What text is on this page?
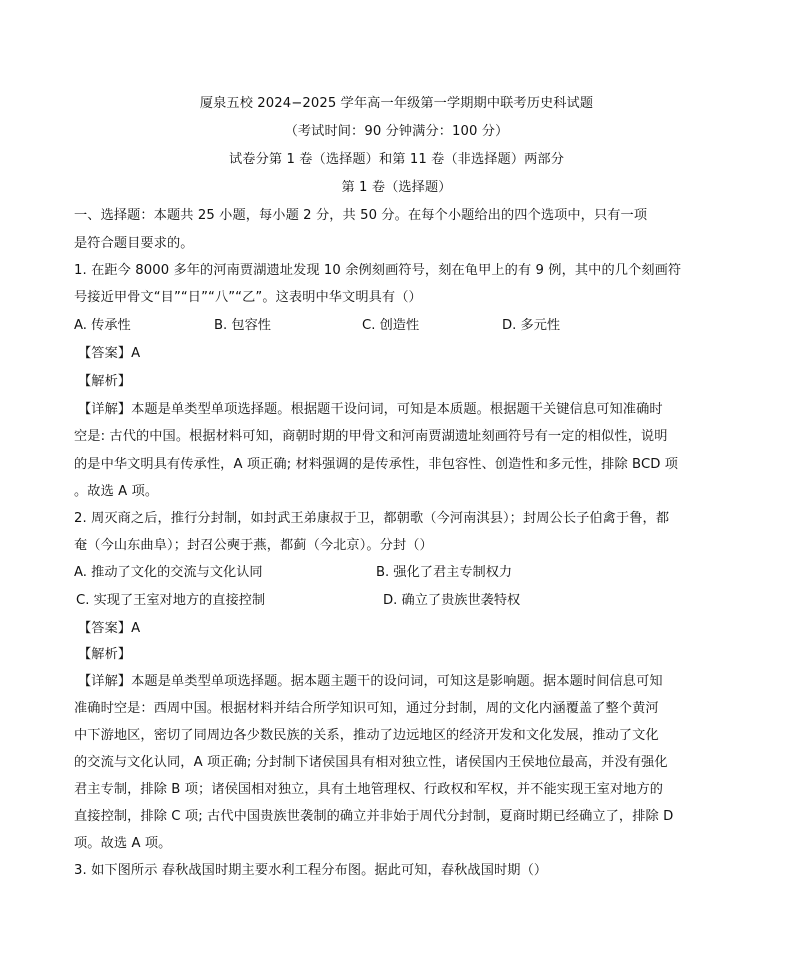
厦泉五校 2024−2025 学年高一年级第一学期期中联考历史科试题
（考试时间：90 分钟满分：100 分）
试卷分第 1 卷（选择题）和第 11 卷（非选择题）两部分
第 1 卷（选择题）
一、选择题：本题共 25 小题，每小题 2 分，共 50 分。在每个小题给出的四个选项中，只有一项
是符合题目要求的。
1. 在距今 8000 多年的河南贾湖遗址发现 10 余例刻画符号，刻在龟甲上的有 9 例，其中的几个刻画符
号接近甲骨文“目”“日”“八”“乙”。这表明中华文明具有（）
A. 传承性	B. 包容性	C. 创造性	D. 多元性
【答案】A
【解析】
【详解】本题是单类型单项选择题。根据题干设问词，可知是本质题。根据题干关键信息可知准确时
空是: 古代的中国。根据材料可知，商朝时期的甲骨文和河南贾湖遗址刻画符号有一定的相似性，说明
的是中华文明具有传承性，A 项正确; 材料强调的是传承性，非包容性、创造性和多元性，排除 BCD 项
。故选 A 项。
2. 周灭商之后，推行分封制，如封武王弟康叔于卫，都朝歌（今河南淇县）；封周公长子伯禽于鲁，都
奄（今山东曲阜）；封召公奭于燕，都蓟（今北京）。分封（）
A. 推动了文化的交流与文化认同	B. 强化了君主专制权力
C. 实现了王室对地方的直接控制	D. 确立了贵族世袭特权
【答案】A
【解析】
【详解】本题是单类型单项选择题。据本题主题干的设问词，可知这是影响题。据本题时间信息可知
准确时空是：西周中国。根据材料并结合所学知识可知，通过分封制，周的文化内涵覆盖了整个黄河
中下游地区，密切了同周边各少数民族的关系，推动了边远地区的经济开发和文化发展，推动了文化
的交流与文化认同，A 项正确; 分封制下诸侯国具有相对独立性，诸侯国内王侯地位最高，并没有强化
君主专制，排除 B 项；诸侯国相对独立，具有土地管理权、行政权和军权，并不能实现王室对地方的
直接控制，排除 C 项; 古代中国贵族世袭制的确立并非始于周代分封制，夏商时期已经确立了，排除 D
项。故选 A 项。
3. 如下图所示 春秋战国时期主要水利工程分布图。据此可知，春秋战国时期（）
